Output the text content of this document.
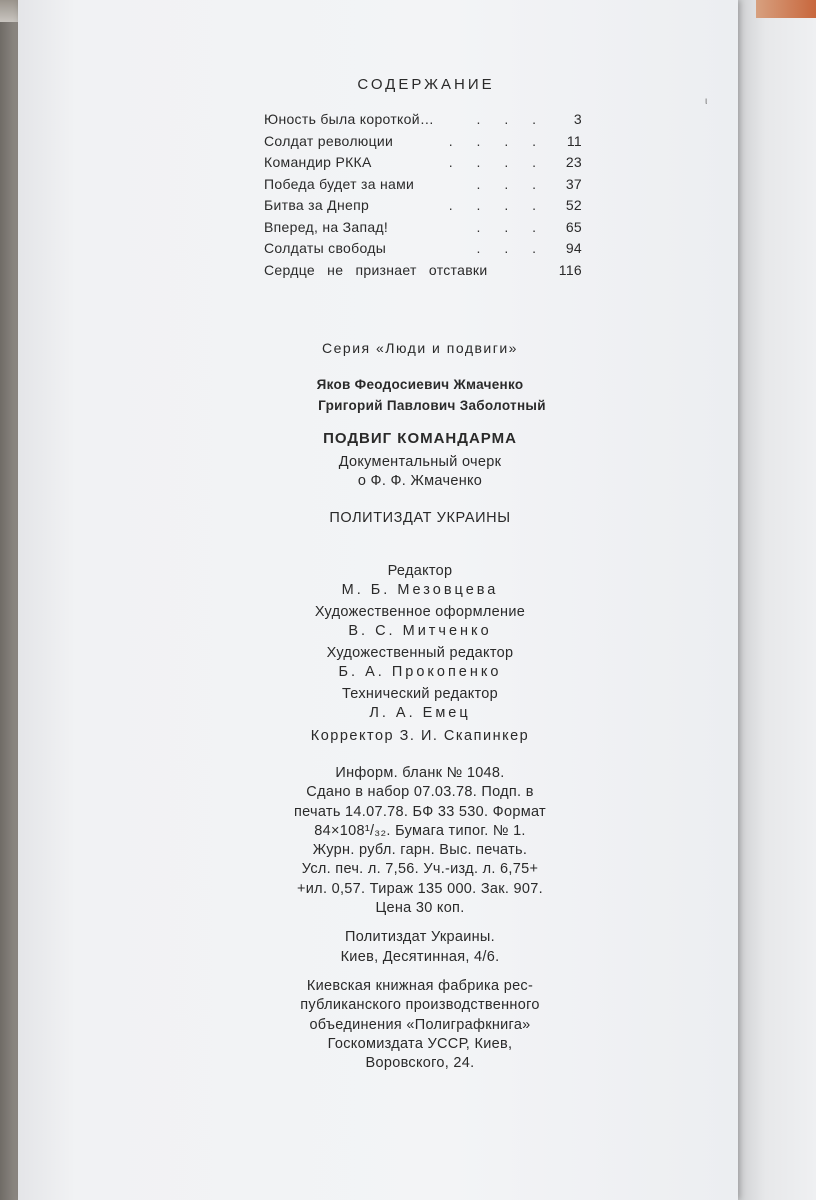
ι
СОДЕРЖАНИЕ
Юность была короткой…	. . .	3
Солдат революции	. . . .	11
Командир РККА	. . . .	23
Победа будет за нами	. . .	37
Битва за Днепр	. . . .	52
Вперед, на Запад!	. . .	65
Солдаты свободы	. . .	94
Сердце не признает отставки	116
Серия «Люди и подвиги»
Яков Феодосиевич Жмаченко
Григорий Павлович Заболотный
ПОДВИГ КОМАНДАРМА
Документальный очерк
о Ф. Ф. Жмаченко
ПОЛИТИЗДАТ УКРАИНЫ
Редактор
М. Б. Мезовцева
Художественное оформление
В. С. Митченко
Художественный редактор
Б. А. Прокопенко
Технический редактор
Л. А. Емец
Корректор З. И. Скапинкер
Информ. бланк № 1048.
Сдано в набор 07.03.78. Подп. в
печать 14.07.78. БФ 33 530. Формат
84×108¹/₃₂. Бумага типог. № 1.
Журн. рубл. гарн. Выс. печать.
Усл. печ. л. 7,56. Уч.-изд. л. 6,75+
+ил. 0,57. Тираж 135 000. Зак. 907.
Цена 30 коп.
Политиздат Украины.
Киев, Десятинная, 4/6.
Киевская книжная фабрика рес-
публиканского производственного
объединения «Полиграфкнига»
Госкомиздата УССР, Киев,
Воровского, 24.
